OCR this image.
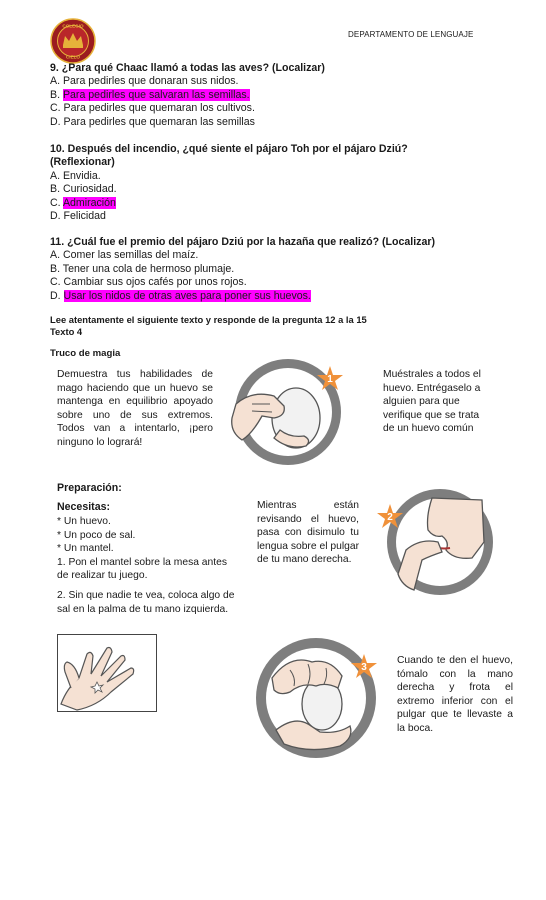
COLEGIO
CIELO
DEPARTAMENTO DE LENGUAJE
9. ¿Para qué Chaac llamó a todas las aves? (Localizar)
A. Para pedirles que donaran sus nidos.
B. Para pedirles que salvaran las semillas.
C. Para pedirles que quemaran los cultivos.
D. Para pedirles que quemaran las semillas
10. Después del incendio, ¿qué siente el pájaro Toh por el pájaro Dziú?
(Reflexionar)
A. Envidia.
B. Curiosidad.
C. Admiración
D. Felicidad
11. ¿Cuál fue el premio del pájaro Dziú por la hazaña que realizó? (Localizar)
A. Comer las semillas del maíz.
B. Tener una cola de hermoso plumaje.
C. Cambiar sus ojos cafés por unos rojos.
D. Usar los nidos de otras aves para poner sus huevos.
Lee atentamente el siguiente texto y responde de la pregunta 12 a la 15
Texto 4
Truco de magia
Demuestra tus habilidades de mago haciendo que un huevo se mantenga en equilibrio apoyado sobre uno de sus extremos. Todos van a intentarlo, ¡pero ninguno lo logrará!
1	Muéstrales a todos el huevo. Entrégaselo a alguien para que verifique que se trata de un huevo común
Preparación:
Necesitas:
* Un huevo.
* Un poco de sal.
* Un mantel.
1. Pon el mantel sobre la mesa antes de realizar tu juego.
2. Sin que nadie te vea, coloca algo de sal en la palma de tu mano izquierda.
Mientras están revisando el huevo, pasa con disimulo tu lengua sobre el pulgar de tu mano derecha.
2
3
Cuando te den el huevo, tómalo con la mano derecha y frota el extremo inferior con el pulgar que te llevaste a la boca.
